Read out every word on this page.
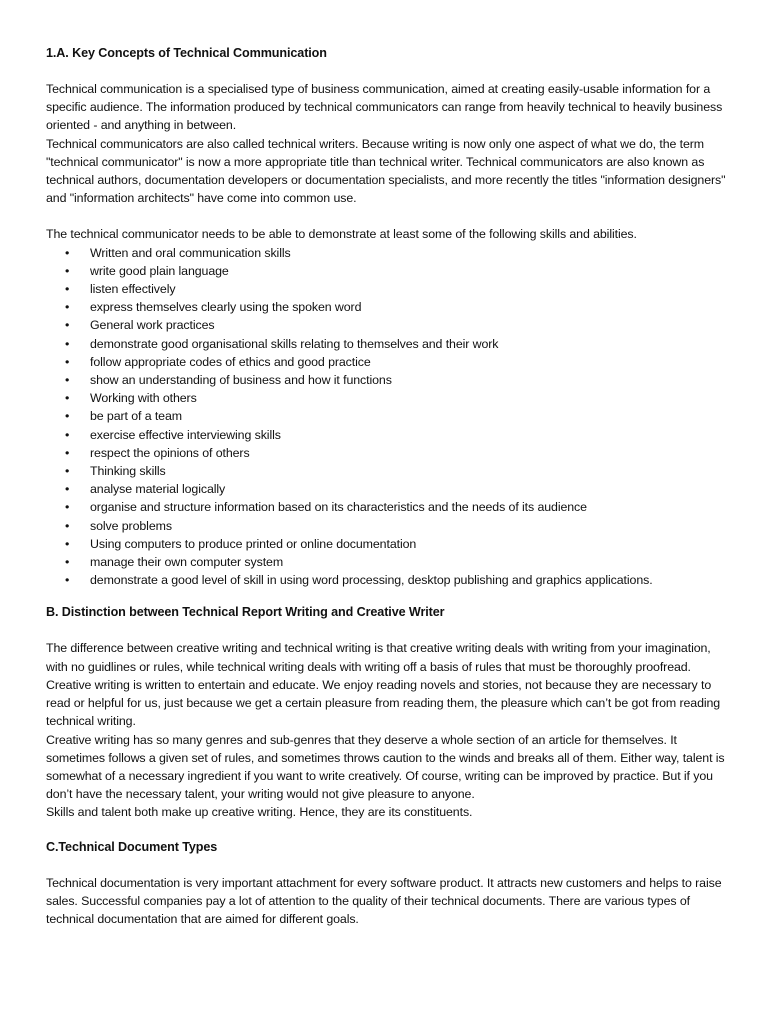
1.A. Key Concepts of Technical Communication

Technical communication is a specialised type of business communication, aimed at creating easily-usable information for a specific audience. The information produced by technical communicators can range from heavily technical to heavily business oriented - and anything in between.

Technical communicators are also called technical writers. Because writing is now only one aspect of what we do, the term "technical communicator" is now a more appropriate title than technical writer. Technical communicators are also known as technical authors, documentation developers or documentation specialists, and more recently the titles "information designers" and "information architects" have come into common use.

The technical communicator needs to be able to demonstrate at least some of the following skills and abilities.

• Written and oral communication skills
• write good plain language
• listen effectively
• express themselves clearly using the spoken word
• General work practices
• demonstrate good organisational skills relating to themselves and their work
• follow appropriate codes of ethics and good practice
• show an understanding of business and how it functions
• Working with others
• be part of a team
• exercise effective interviewing skills
• respect the opinions of others
• Thinking skills
• analyse material logically
• organise and structure information based on its characteristics and the needs of its audience
• solve problems
• Using computers to produce printed or online documentation
• manage their own computer system
• demonstrate a good level of skill in using word processing, desktop publishing and graphics applications.
B. Distinction between Technical Report Writing and Creative Writer

The difference between creative writing and technical writing is that creative writing deals with writing from your imagination, with no guidlines or rules, while technical writing deals with writing off a basis of rules that must be thoroughly proofread.

Creative writing is written to entertain and educate. We enjoy reading novels and stories, not because they are necessary to read or helpful for us, just because we get a certain pleasure from reading them, the pleasure which can’t be got from reading technical writing.

Creative writing has so many genres and sub-genres that they deserve a whole section of an article for themselves. It sometimes follows a given set of rules, and sometimes throws caution to the winds and breaks all of them. Either way, talent is somewhat of a necessary ingredient if you want to write creatively. Of course, writing can be improved by practice. But if you don’t have the necessary talent, your writing would not give pleasure to anyone.

Skills and talent both make up creative writing. Hence, they are its constituents.

C.Technical Document Types

Technical documentation is very important attachment for every software product. It attracts new customers and helps to raise sales. Successful companies pay a lot of attention to the quality of their technical documents. There are various types of technical documentation that are aimed for different goals.
